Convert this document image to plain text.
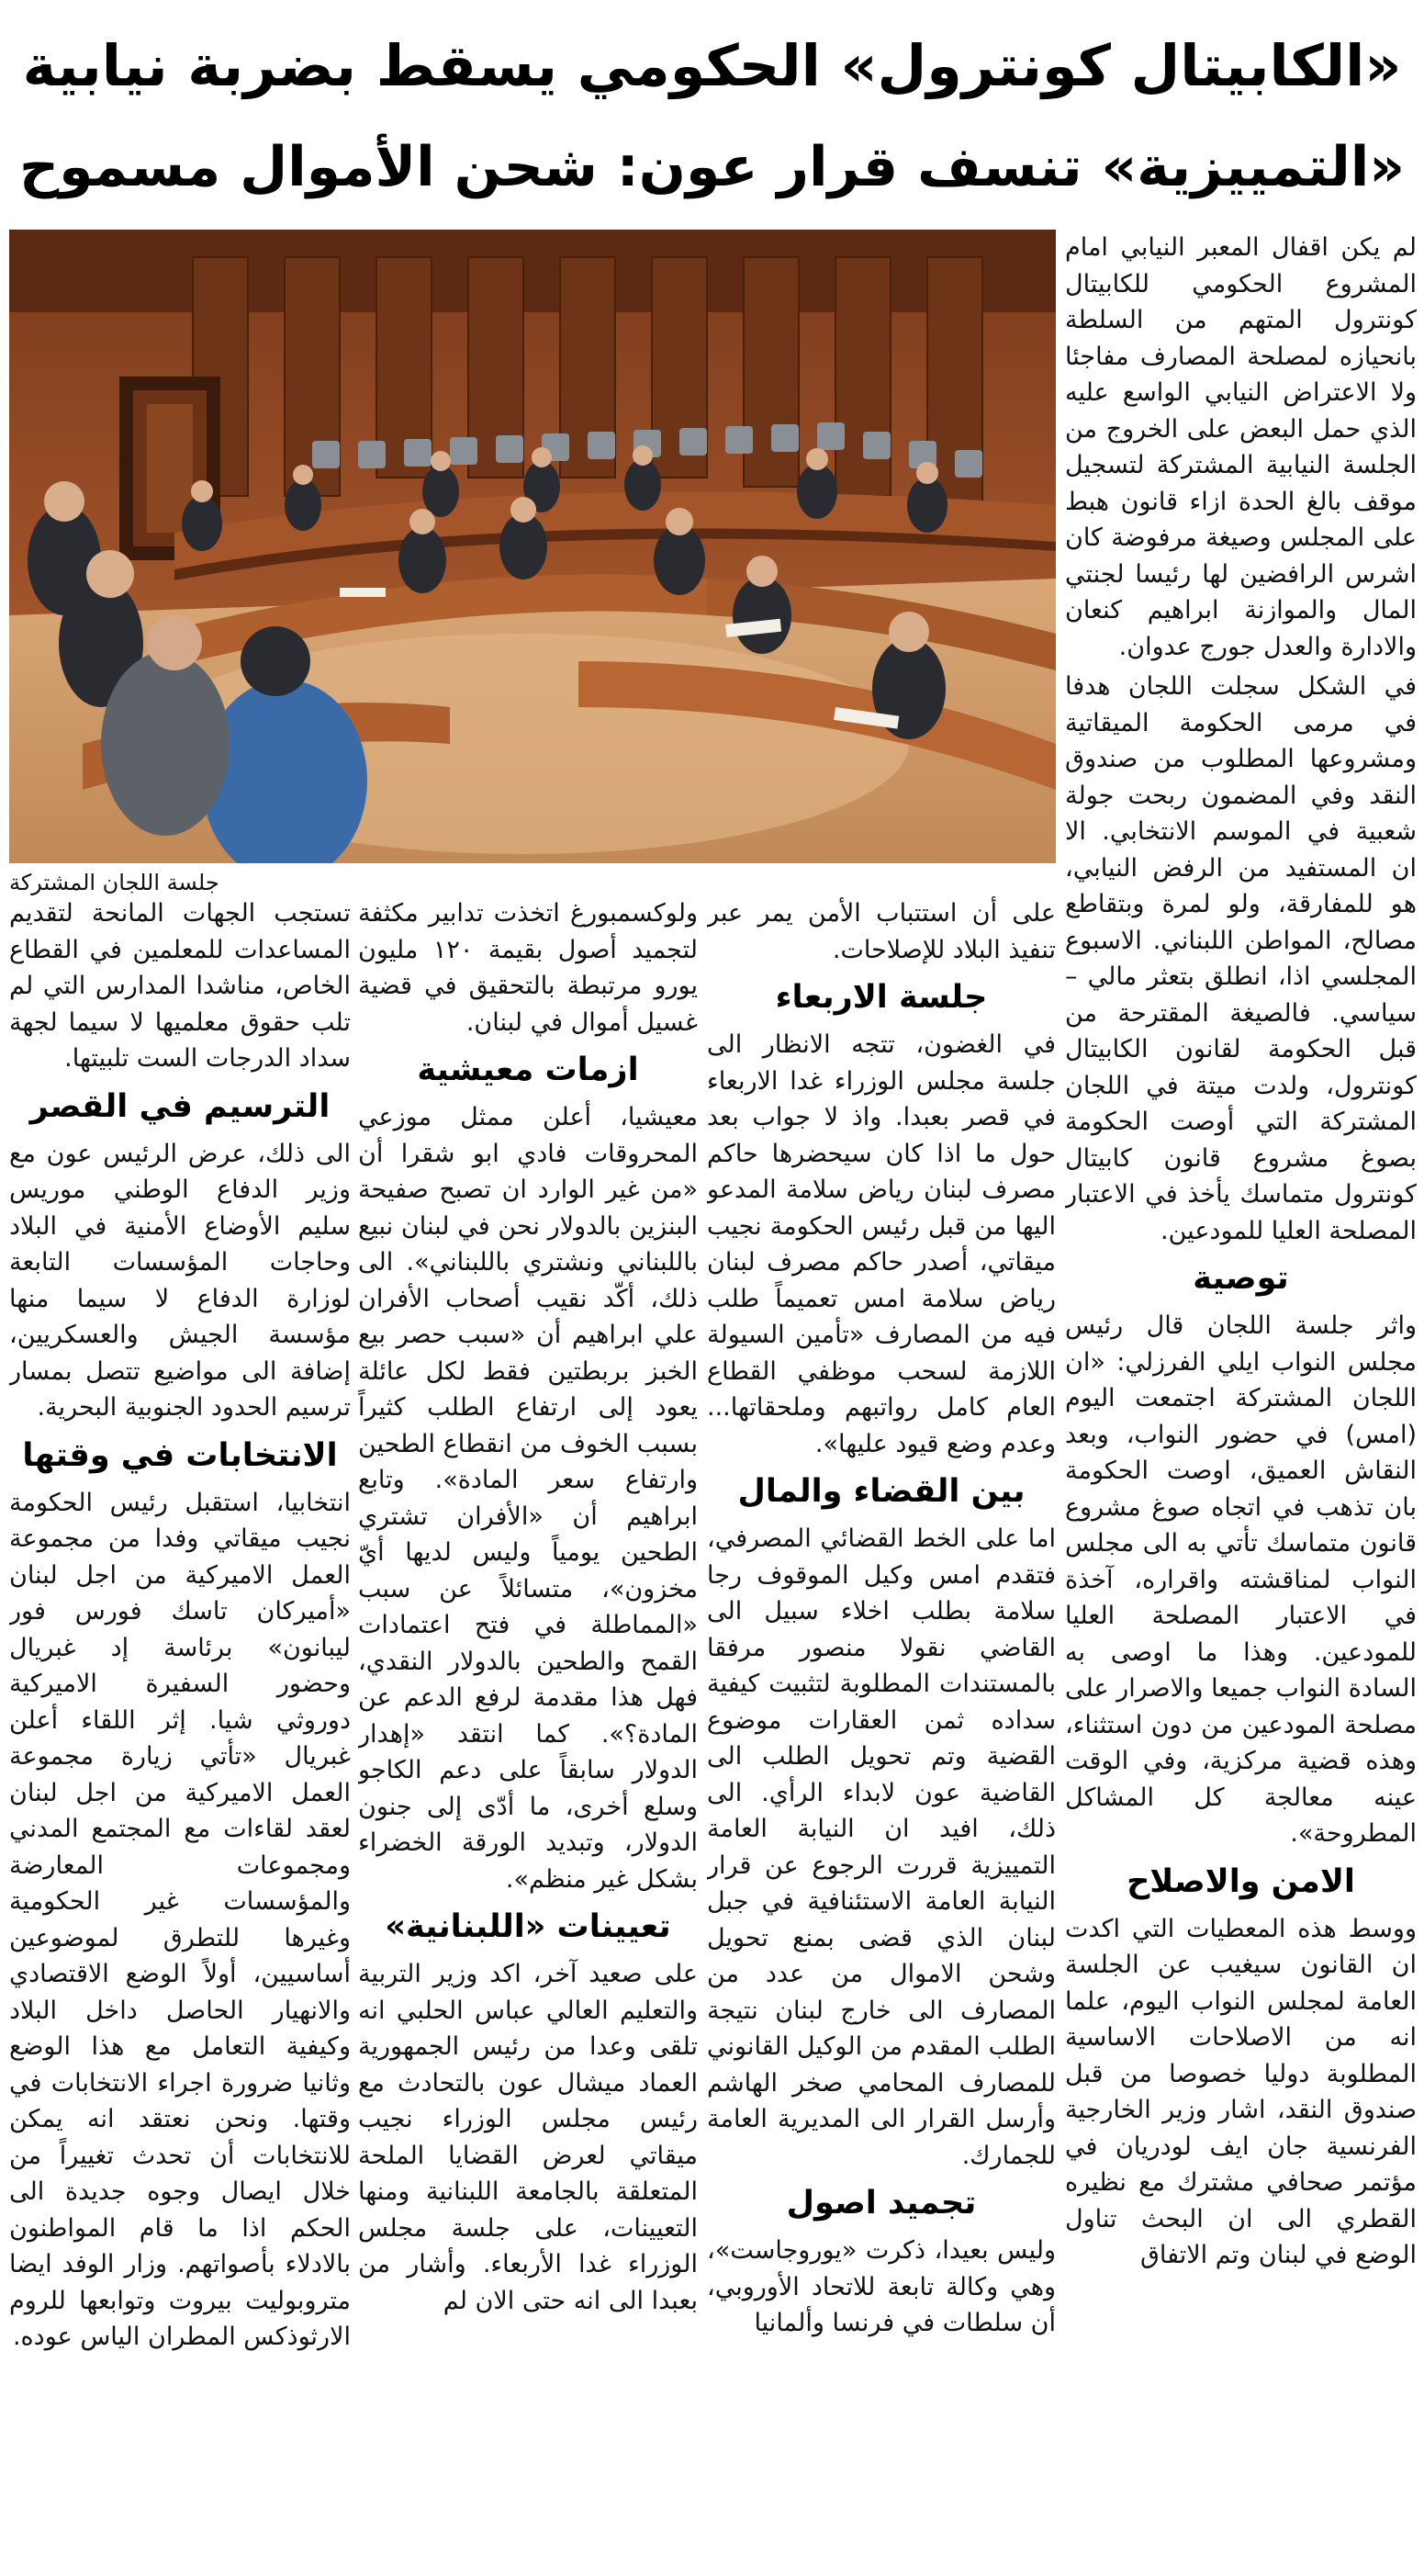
«الكابيتال كونترول» الحكومي يسقط بضربة نيابية
«التمييزية» تنسف قرار عون: شحن الأموال مسموح
جلسة اللجان المشتركة

لم يكن اقفال المعبر النيابي امام المشروع الحكومي للكابيتال كونترول المتهم من السلطة بانحيازه لمصلحة المصارف مفاجئا ولا الاعتراض النيابي الواسع عليه الذي حمل البعض على الخروج من الجلسة النيابية المشتركة لتسجيل موقف بالغ الحدة ازاء قانون هبط على المجلس وصيغة مرفوضة كان اشرس الرافضين لها رئيسا لجنتي المال والموازنة ابراهيم كنعان والادارة والعدل جورج عدوان.

في الشكل سجلت اللجان هدفا في مرمى الحكومة الميقاتية ومشروعها المطلوب من صندوق النقد وفي المضمون ربحت جولة شعبية في الموسم الانتخابي. الا ان المستفيد من الرفض النيابي، هو للمفارقة، ولو لمرة وبتقاطع مصالح، المواطن اللبناني. الاسبوع المجلسي اذا، انطلق بتعثر مالي – سياسي. فالصيغة المقترحة من قبل الحكومة لقانون الكابيتال كونترول، ولدت ميتة في اللجان المشتركة التي أوصت الحكومة بصوغ مشروع قانون كابيتال كونترول متماسك يأخذ في الاعتبار المصلحة العليا للمودعين.

توصية

واثر جلسة اللجان قال رئيس مجلس النواب ايلي الفرزلي: «ان اللجان المشتركة اجتمعت اليوم (امس) في حضور النواب، وبعد النقاش العميق، اوصت الحكومة بان تذهب في اتجاه صوغ مشروع قانون متماسك تأتي به الى مجلس النواب لمناقشته واقراره، آخذة في الاعتبار المصلحة العليا للمودعين. وهذا ما اوصى به السادة النواب جميعا والاصرار على مصلحة المودعين من دون استثناء، وهذه قضية مركزية، وفي الوقت عينه معالجة كل المشاكل المطروحة».

الامن والاصلاح

ووسط هذه المعطيات التي اكدت ان القانون سيغيب عن الجلسة العامة لمجلس النواب اليوم، علما انه من الاصلاحات الاساسية المطلوبة دوليا خصوصا من قبل صندوق النقد، اشار وزير الخارجية الفرنسية جان ايف لودريان في مؤتمر صحافي مشترك مع نظيره القطري الى ان البحث تناول الوضع في لبنان وتم الاتفاق

على أن استتباب الأمن يمر عبر تنفيذ البلاد للإصلاحات.

جلسة الاربعاء

في الغضون، تتجه الانظار الى جلسة مجلس الوزراء غدا الاربعاء في قصر بعبدا. واذ لا جواب بعد حول ما اذا كان سيحضرها حاكم مصرف لبنان رياض سلامة المدعو اليها من قبل رئيس الحكومة نجيب ميقاتي، أصدر حاكم مصرف لبنان رياض سلامة امس تعميماً طلب فيه من المصارف «تأمين السيولة اللازمة لسحب موظفي القطاع العام كامل رواتبهم وملحقاتها... وعدم وضع قيود عليها».

بين القضاء والمال

اما على الخط القضائي المصرفي، فتقدم امس وكيل الموقوف رجا سلامة بطلب اخلاء سبيل الى القاضي نقولا منصور مرفقا بالمستندات المطلوبة لتثبيت كيفية سداده ثمن العقارات موضوع القضية وتم تحويل الطلب الى القاضية عون لابداء الرأي. الى ذلك، افيد ان النيابة العامة التمييزية قررت الرجوع عن قرار النيابة العامة الاستئنافية في جبل لبنان الذي قضى بمنع تحويل وشحن الاموال من عدد من المصارف الى خارج لبنان نتيجة الطلب المقدم من الوكيل القانوني للمصارف المحامي صخر الهاشم وأرسل القرار الى المديرية العامة للجمارك.

تجميد اصول

وليس بعيدا، ذكرت «يوروجاست»، وهي وكالة تابعة للاتحاد الأوروبي، أن سلطات في فرنسا وألمانيا

ولوكسمبورغ اتخذت تدابير مكثفة لتجميد أصول بقيمة ١٢٠ مليون يورو مرتبطة بالتحقيق في قضية غسيل أموال في لبنان.

ازمات معيشية

معيشيا، أعلن ممثل موزعي المحروقات فادي ابو شقرا أن «من غير الوارد ان تصبح صفيحة البنزين بالدولار نحن في لبنان نبيع باللبناني ونشتري باللبناني». الى ذلك، أكّد نقيب أصحاب الأفران علي ابراهيم أن «سبب حصر بيع الخبز بربطتين فقط لكل عائلة يعود إلى ارتفاع الطلب كثيراً بسبب الخوف من انقطاع الطحين وارتفاع سعر المادة». وتابع ابراهيم أن «الأفران تشتري الطحين يومياً وليس لديها أيّ مخزون»، متسائلاً عن سبب «المماطلة في فتح اعتمادات القمح والطحين بالدولار النقدي، فهل هذا مقدمة لرفع الدعم عن المادة؟». كما انتقد «إهدار الدولار سابقاً على دعم الكاجو وسلع أخرى، ما أدّى إلى جنون الدولار، وتبديد الورقة الخضراء بشكل غير منظم».

تعيينات «اللبنانية»

على صعيد آخر، اكد وزير التربية والتعليم العالي عباس الحلبي انه تلقى وعدا من رئيس الجمهورية العماد ميشال عون بالتحادث مع رئيس مجلس الوزراء نجيب ميقاتي لعرض القضايا الملحة المتعلقة بالجامعة اللبنانية ومنها التعيينات، على جلسة مجلس الوزراء غدا الأربعاء. وأشار من بعبدا الى انه حتى الان لم

تستجب الجهات المانحة لتقديم المساعدات للمعلمين في القطاع الخاص، مناشدا المدارس التي لم تلب حقوق معلميها لا سيما لجهة سداد الدرجات الست تلبيتها.

الترسيم في القصر

الى ذلك، عرض الرئيس عون مع وزير الدفاع الوطني موريس سليم الأوضاع الأمنية في البلاد وحاجات المؤسسات التابعة لوزارة الدفاع لا سيما منها مؤسسة الجيش والعسكريين، إضافة الى مواضيع تتصل بمسار ترسيم الحدود الجنوبية البحرية.

الانتخابات في وقتها

انتخابيا، استقبل رئيس الحكومة نجيب ميقاتي وفدا من مجموعة العمل الاميركية من اجل لبنان «أميركان تاسك فورس فور ليبانون» برئاسة إد غبريال وحضور السفيرة الاميركية دوروثي شيا. إثر اللقاء أعلن غبريال «تأتي زيارة مجموعة العمل الاميركية من اجل لبنان لعقد لقاءات مع المجتمع المدني ومجموعات المعارضة والمؤسسات غير الحكومية وغيرها للتطرق لموضوعين أساسيين، أولاً الوضع الاقتصادي والانهيار الحاصل داخل البلاد وكيفية التعامل مع هذا الوضع وثانيا ضرورة اجراء الانتخابات في وقتها. ونحن نعتقد انه يمكن للانتخابات أن تحدث تغييراً من خلال ايصال وجوه جديدة الى الحكم اذا ما قام المواطنون بالادلاء بأصواتهم. وزار الوفد ايضا متروبوليت بيروت وتوابعها للروم الارثوذكس المطران الياس عوده.
